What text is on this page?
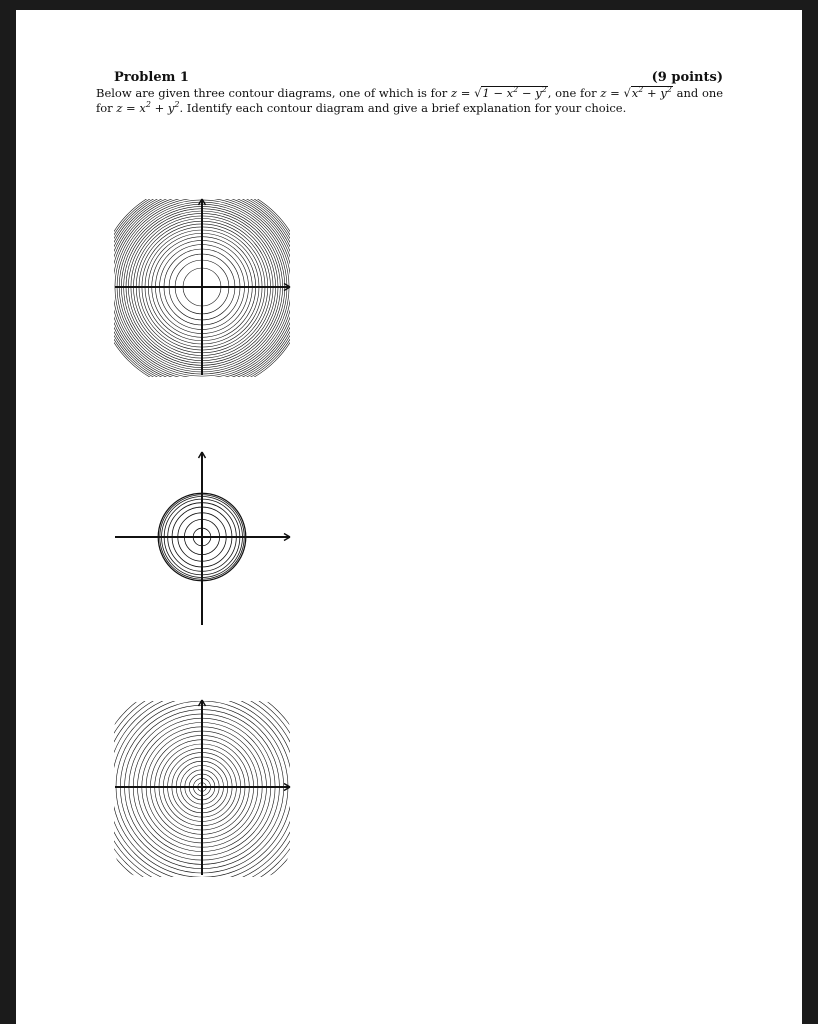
Problem 1	(9 points)
Below are given three contour diagrams, one of which is for $z = √1 - x^2 - y^2$, one for $z = √x^2 + y^2$ and one for $z = x^2 + y^2$. Identify each contour diagram and give a brief explanation for your choice.
